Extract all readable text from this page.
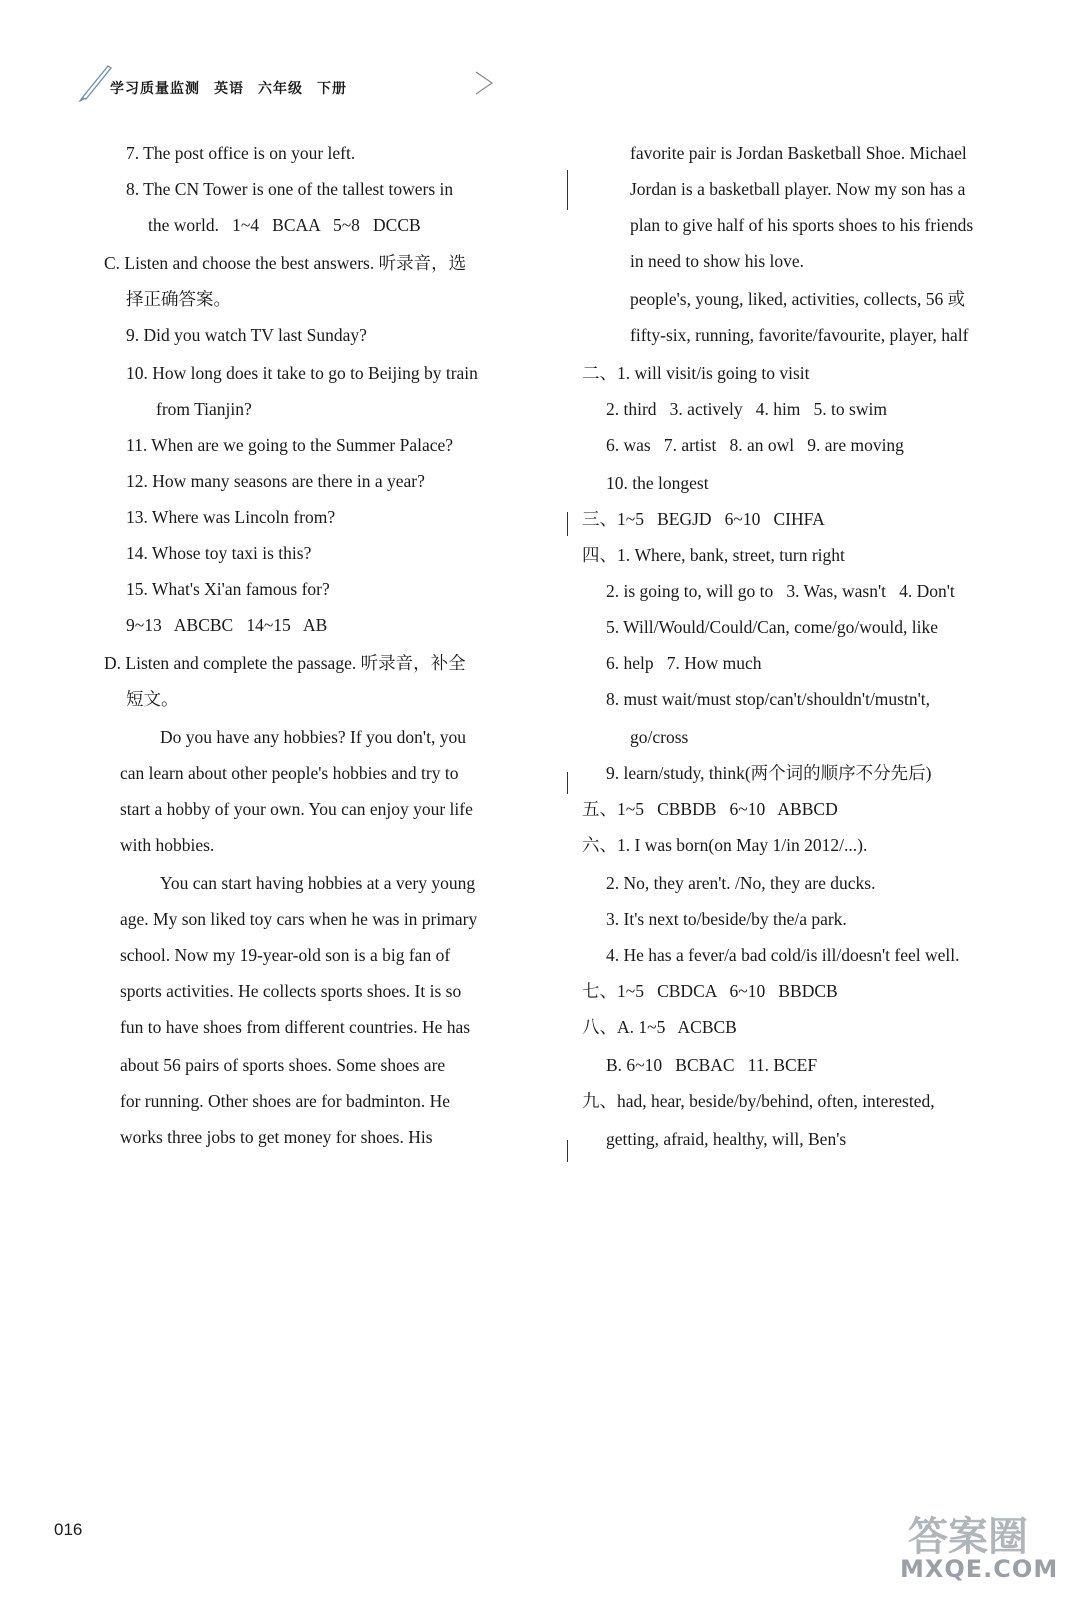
学习质量监测 英语 六年级 下册
7. The post office is on your left.
8. The CN Tower is one of the tallest towers in
the world.   1~4   BCAA   5~8   DCCB
C. Listen and choose the best answers. 听录音，选
择正确答案。
9. Did you watch TV last Sunday?
10. How long does it take to go to Beijing by train
from Tianjin?
11. When are we going to the Summer Palace?
12. How many seasons are there in a year?
13. Where was Lincoln from?
14. Whose toy taxi is this?
15. What's Xi'an famous for?
9~13   ABCBC   14~15   AB
D. Listen and complete the passage. 听录音，补全
短文。
Do you have any hobbies? If you don't, you
can learn about other people's hobbies and try to
start a hobby of your own. You can enjoy your life
with hobbies.
You can start having hobbies at a very young
age. My son liked toy cars when he was in primary
school. Now my 19-year-old son is a big fan of
sports activities. He collects sports shoes. It is so
fun to have shoes from different countries. He has
about 56 pairs of sports shoes. Some shoes are
for running. Other shoes are for badminton. He
works three jobs to get money for shoes. His
favorite pair is Jordan Basketball Shoe. Michael
Jordan is a basketball player. Now my son has a
plan to give half of his sports shoes to his friends
in need to show his love.
people's, young, liked, activities, collects, 56 或
fifty-six, running, favorite/favourite, player, half
二、1. will visit/is going to visit
2. third   3. actively   4. him   5. to swim
6. was   7. artist   8. an owl   9. are moving
10. the longest
三、1~5   BEGJD   6~10   CIHFA
四、1. Where, bank, street, turn right
2. is going to, will go to   3. Was, wasn't   4. Don't
5. Will/Would/Could/Can, come/go/would, like
6. help   7. How much
8. must wait/must stop/can't/shouldn't/mustn't,
go/cross
9. learn/study, think(两个词的顺序不分先后)
五、1~5   CBBDB   6~10   ABBCD
六、1. I was born(on May 1/in 2012/...).
2. No, they aren't. /No, they are ducks.
3. It's next to/beside/by the/a park.
4. He has a fever/a bad cold/is ill/doesn't feel well.
七、1~5   CBDCA   6~10   BBDCB
八、A. 1~5   ACBCB
B. 6~10   BCBAC   11. BCEF
九、had, hear, beside/by/behind, often, interested,
getting, afraid, healthy, will, Ben's
016	答案圈
MXQE.COM
